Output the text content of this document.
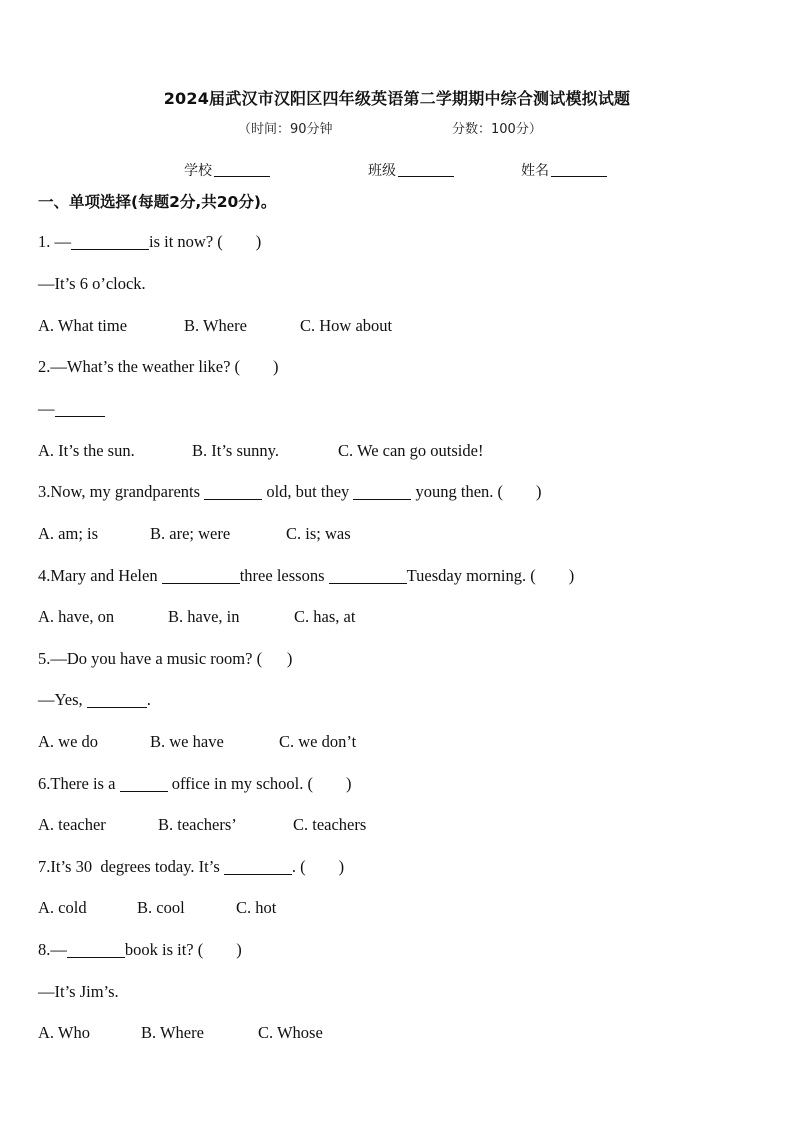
2024届武汉市汉阳区四年级英语第二学期期中综合测试模拟试题
（时间：90分钟	分数：100分）
学校	班级	姓名
一、单项选择(每题2分,共20分)。
1. —	is it now? (        )
—It’s 6 o’clock.
A. What time	B. Where	C. How about
2.—What’s the weather like? (        )
—
A. It’s the sun.	B. It’s sunny.	C. We can go outside!
3.Now, my grandparents	old, but they	young then. (        )
A. am; is	B. are; were	C. is; was
4.Mary and Helen	three lessons	Tuesday morning. (        )
A. have, on	B. have, in	C. has, at
5.—Do you have a music room? (      )
—Yes,	.
A. we do	B. we have	C. we don’t
6.There is a	office in my school. (        )
A. teacher	B. teachers’	C. teachers
7.It’s 30  degrees today. It’s	. (        )
A. cold	B. cool	C. hot
8.—	book is it? (        )
—It’s Jim’s.
A. Who	B. Where	C. Whose
